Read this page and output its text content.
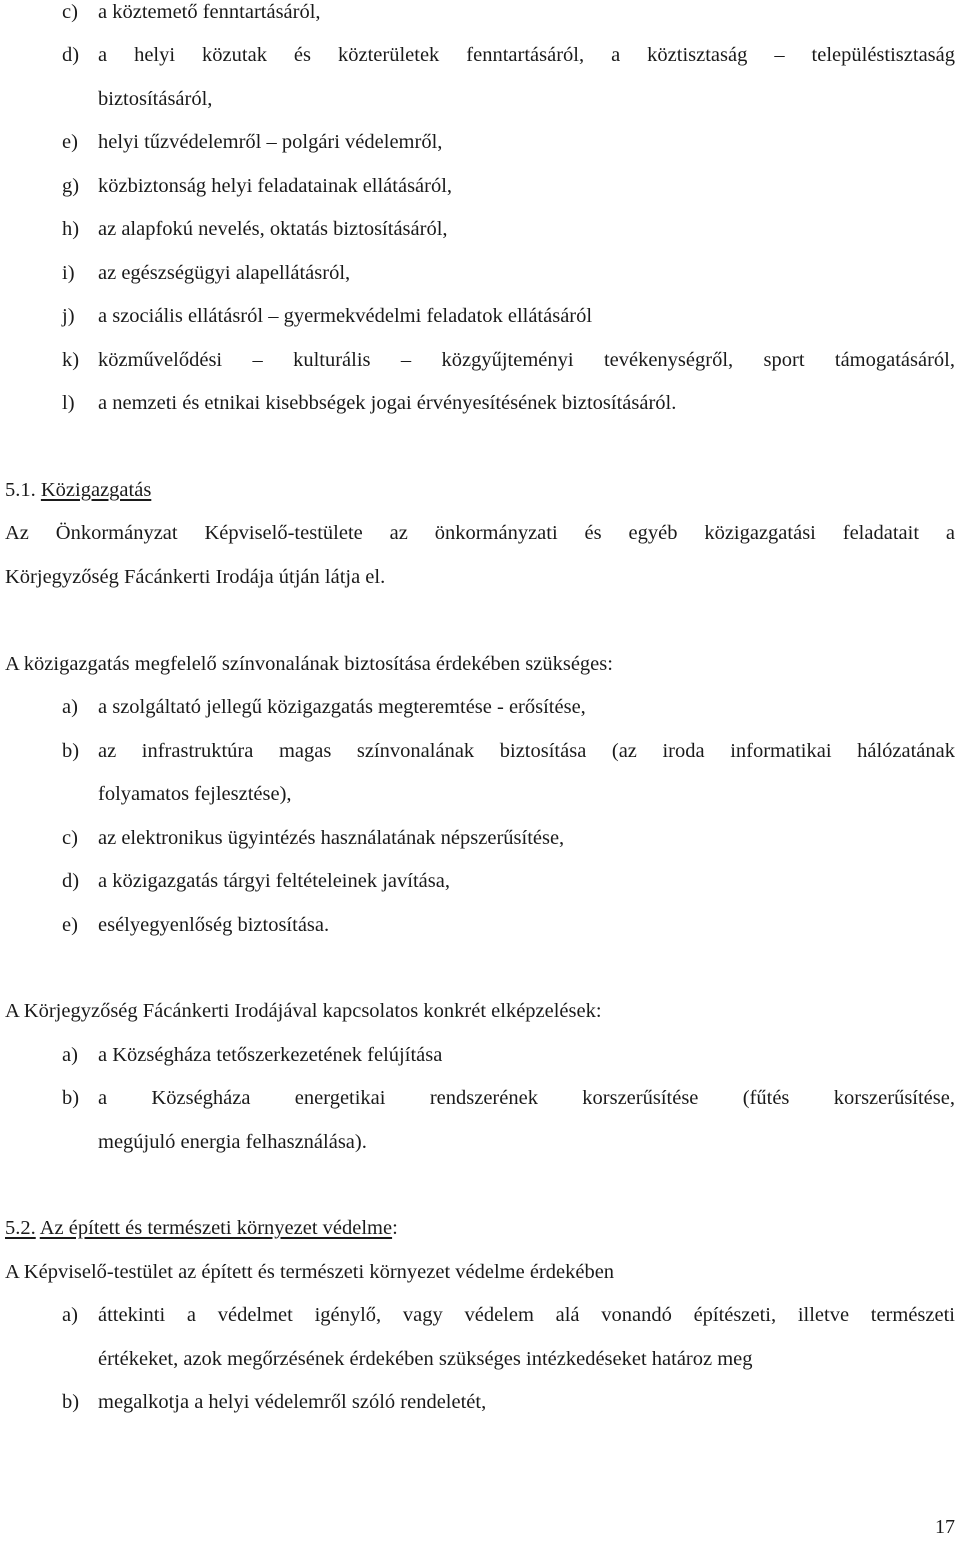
c) a köztemető fenntartásáról,
d) a helyi közutak és közterületek fenntartásáról, a köztisztaság – településtisztaság
biztosításáról,
e) helyi tűzvédelemről – polgári védelemről,
g) közbiztonság helyi feladatainak ellátásáról,
h) az alapfokú nevelés, oktatás biztosításáról,
i) az egészségügyi alapellátásról,
j) a szociális ellátásról – gyermekvédelmi feladatok ellátásáról
k) közművelődési – kulturális – közgyűjteményi tevékenységről, sport támogatásáról,
l) a nemzeti és etnikai kisebbségek jogai érvényesítésének biztosításáról.
5.1. Közigazgatás
Az Önkormányzat Képviselő-testülete az önkormányzati és egyéb közigazgatási feladatait a
Körjegyzőség Fácánkerti Irodája útján látja el.
A közigazgatás megfelelő színvonalának biztosítása érdekében szükséges:
a) a szolgáltató jellegű közigazgatás megteremtése - erősítése,
b) az infrastruktúra magas színvonalának biztosítása (az iroda informatikai hálózatának
folyamatos fejlesztése),
c) az elektronikus ügyintézés használatának népszerűsítése,
d) a közigazgatás tárgyi feltételeinek javítása,
e) esélyegyenlőség biztosítása.
A Körjegyzőség Fácánkerti Irodájával kapcsolatos konkrét elképzelések:
a) a Községháza tetőszerkezetének felújítása
b) a Községháza energetikai rendszerének korszerűsítése (fűtés korszerűsítése,
megújuló energia felhasználása).
5.2. Az épített és természeti környezet védelme:
A Képviselő-testület az épített és természeti környezet védelme érdekében
a) áttekinti a védelmet igénylő, vagy védelem alá vonandó építészeti, illetve természeti
értékeket, azok megőrzésének érdekében szükséges intézkedéseket határoz meg
b) megalkotja a helyi védelemről szóló rendeletét,
17
